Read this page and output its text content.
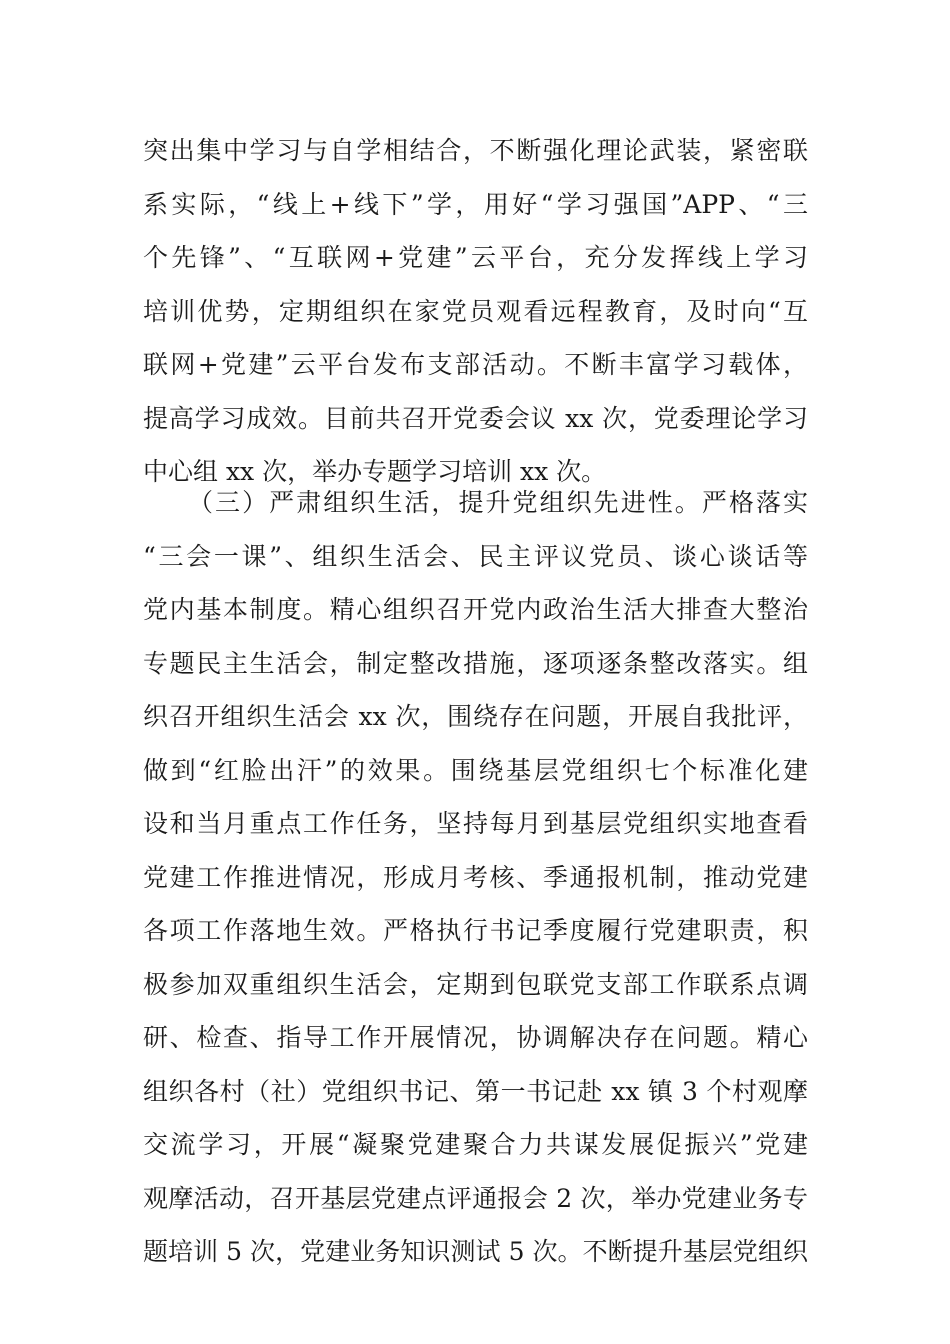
突出集中学习与自学相结合，不断强化理论武装，紧密联
系实际，“线上+线下”学，用好“学习强国”APP、“三
个先锋”、“互联网+党建”云平台，充分发挥线上学习
培训优势，定期组织在家党员观看远程教育，及时向“互
联网+党建”云平台发布支部活动。不断丰富学习载体，
提高学习成效。目前共召开党委会议 xx 次，党委理论学习
中心组 xx 次，举办专题学习培训 xx 次。
（三）严肃组织生活，提升党组织先进性。严格落实
“三会一课”、组织生活会、民主评议党员、谈心谈话等
党内基本制度。精心组织召开党内政治生活大排查大整治
专题民主生活会，制定整改措施，逐项逐条整改落实。组
织召开组织生活会 xx 次，围绕存在问题，开展自我批评，
做到“红脸出汗”的效果。围绕基层党组织七个标准化建
设和当月重点工作任务，坚持每月到基层党组织实地查看
党建工作推进情况，形成月考核、季通报机制，推动党建
各项工作落地生效。严格执行书记季度履行党建职责，积
极参加双重组织生活会，定期到包联党支部工作联系点调
研、检查、指导工作开展情况，协调解决存在问题。精心
组织各村（社）党组织书记、第一书记赴 xx 镇 3 个村观摩
交流学习，开展“凝聚党建聚合力共谋发展促振兴”党建
观摩活动，召开基层党建点评通报会 2 次，举办党建业务专
题培训 5 次，党建业务知识测试 5 次。不断提升基层党组织
